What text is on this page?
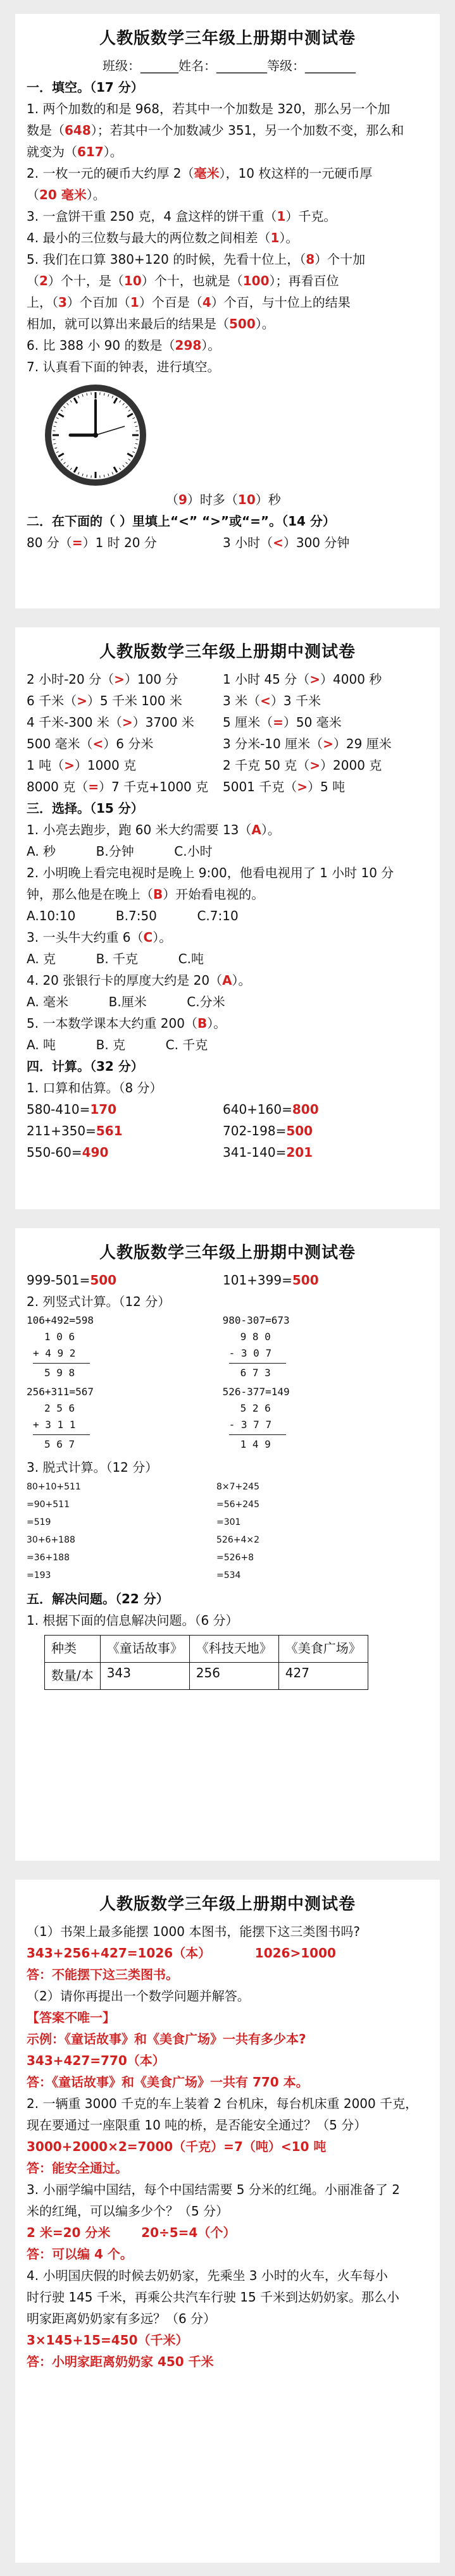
人教版数学三年级上册期中测试卷
班级：______姓名：________等级：________
一．填空。（17 分）
1. 两个加数的和是 968，若其中一个加数是 320，那么另一个加
数是（648）；若其中一个加数减少 351，另一个加数不变，那么和
就变为（617）。
2. 一枚一元的硬币大约厚 2（毫米），10 枚这样的一元硬币厚
（20 毫米）。
3. 一盒饼干重 250 克，4 盒这样的饼干重（1）千克。
4. 最小的三位数与最大的两位数之间相差（1）。
5. 我们在口算 380+120 的时候，先看十位上，（8）个十加
（2）个十，是（10）个十，也就是（100）；再看百位
上，（3）个百加（1）个百是（4）个百，与十位上的结果
相加，就可以算出来最后的结果是（500）。
6. 比 388 小 90 的数是（298）。
7. 认真看下面的钟表，进行填空。
（9）时多（10）秒
二．在下面的（ ）里填上“<” “>”或“=”。（14 分）
80 分（=）1 时 20 分	3 小时（<）300 分钟
人教版数学三年级上册期中测试卷
2 小时-20 分（>）100 分	1 小时 45 分（>）4000 秒
6 千米（>）5 千米 100 米	3 米（<）3 千米
4 千米-300 米（>）3700 米	5 厘米（=）50 毫米
500 毫米（<）6 分米	3 分米-10 厘米（>）29 厘米
1 吨（>）1000 克	2 千克 50 克（>）2000 克
8000 克（=）7 千克+1000 克	5001 千克（>）5 吨
三．选择。（15 分）
1. 小亮去跑步，跑 60 米大约需要 13（A）。
A. 秒          B.分钟          C.小时
2. 小明晚上看完电视时是晚上 9:00，他看电视用了 1 小时 10 分
钟，那么他是在晚上（B）开始看电视的。
A.10:10          B.7:50          C.7:10
3. 一头牛大约重 6（C）。
A. 克          B. 千克          C.吨
4. 20 张银行卡的厚度大约是 20（A）。
A. 毫米          B.厘米          C.分米
5. 一本数学课本大约重 200（B）。
A. 吨          B. 克          C. 千克
四．计算。（32 分）
1. 口算和估算。（8 分）
580-410=170	640+160=800
211+350=561	702-198=500
550-60=490	341-140=201
人教版数学三年级上册期中测试卷
999-501=500	101+399=500
2. 列竖式计算。（12 分）
106+492=598
1 0 6
+ 4 9 2
5 9 8

980-307=673
9 8 0
- 3 0 7
6 7 3
256+311=567
2 5 6
+ 3 1 1
5 6 7

526-377=149
5 2 6
- 3 7 7
1 4 9
3. 脱式计算。（12 分）
80+10+511
=90+511
=519
30+6+188
=36+188
=193
8×7+245
=56+245
=301
526+4×2
=526+8
=534
五．解决问题。（22 分）
1. 根据下面的信息解决问题。（6 分）
种类	《童话故事》	《科技天地》	《美食广场》
数量/本	343	256	427
人教版数学三年级上册期中测试卷
（1）书架上最多能摆 1000 本图书，能摆下这三类图书吗?
343+256+427=1026（本）          1026>1000
答：不能摆下这三类图书。
（2）请你再提出一个数学问题并解答。
【答案不唯一】
示例：《童话故事》和《美食广场》一共有多少本?
343+427=770（本）
答：《童话故事》和《美食广场》一共有 770 本。
2. 一辆重 3000 千克的车上装着 2 台机床，每台机床重 2000 千克，
现在要通过一座限重 10 吨的桥，是否能安全通过？（5 分）
3000+2000×2=7000（千克）=7（吨）<10 吨
答：能安全通过。
3. 小丽学编中国结，每个中国结需要 5 分米的红绳。小丽准备了 2
米的红绳，可以编多少个？（5 分）
2 米=20 分米       20÷5=4（个）
答：可以编 4 个。
4. 小明国庆假的时候去奶奶家，先乘坐 3 小时的火车，火车每小
时行驶 145 千米，再乘公共汽车行驶 15 千米到达奶奶家。那么小
明家距离奶奶家有多远？（6 分）
3×145+15=450（千米）
答：小明家距离奶奶家 450 千米
